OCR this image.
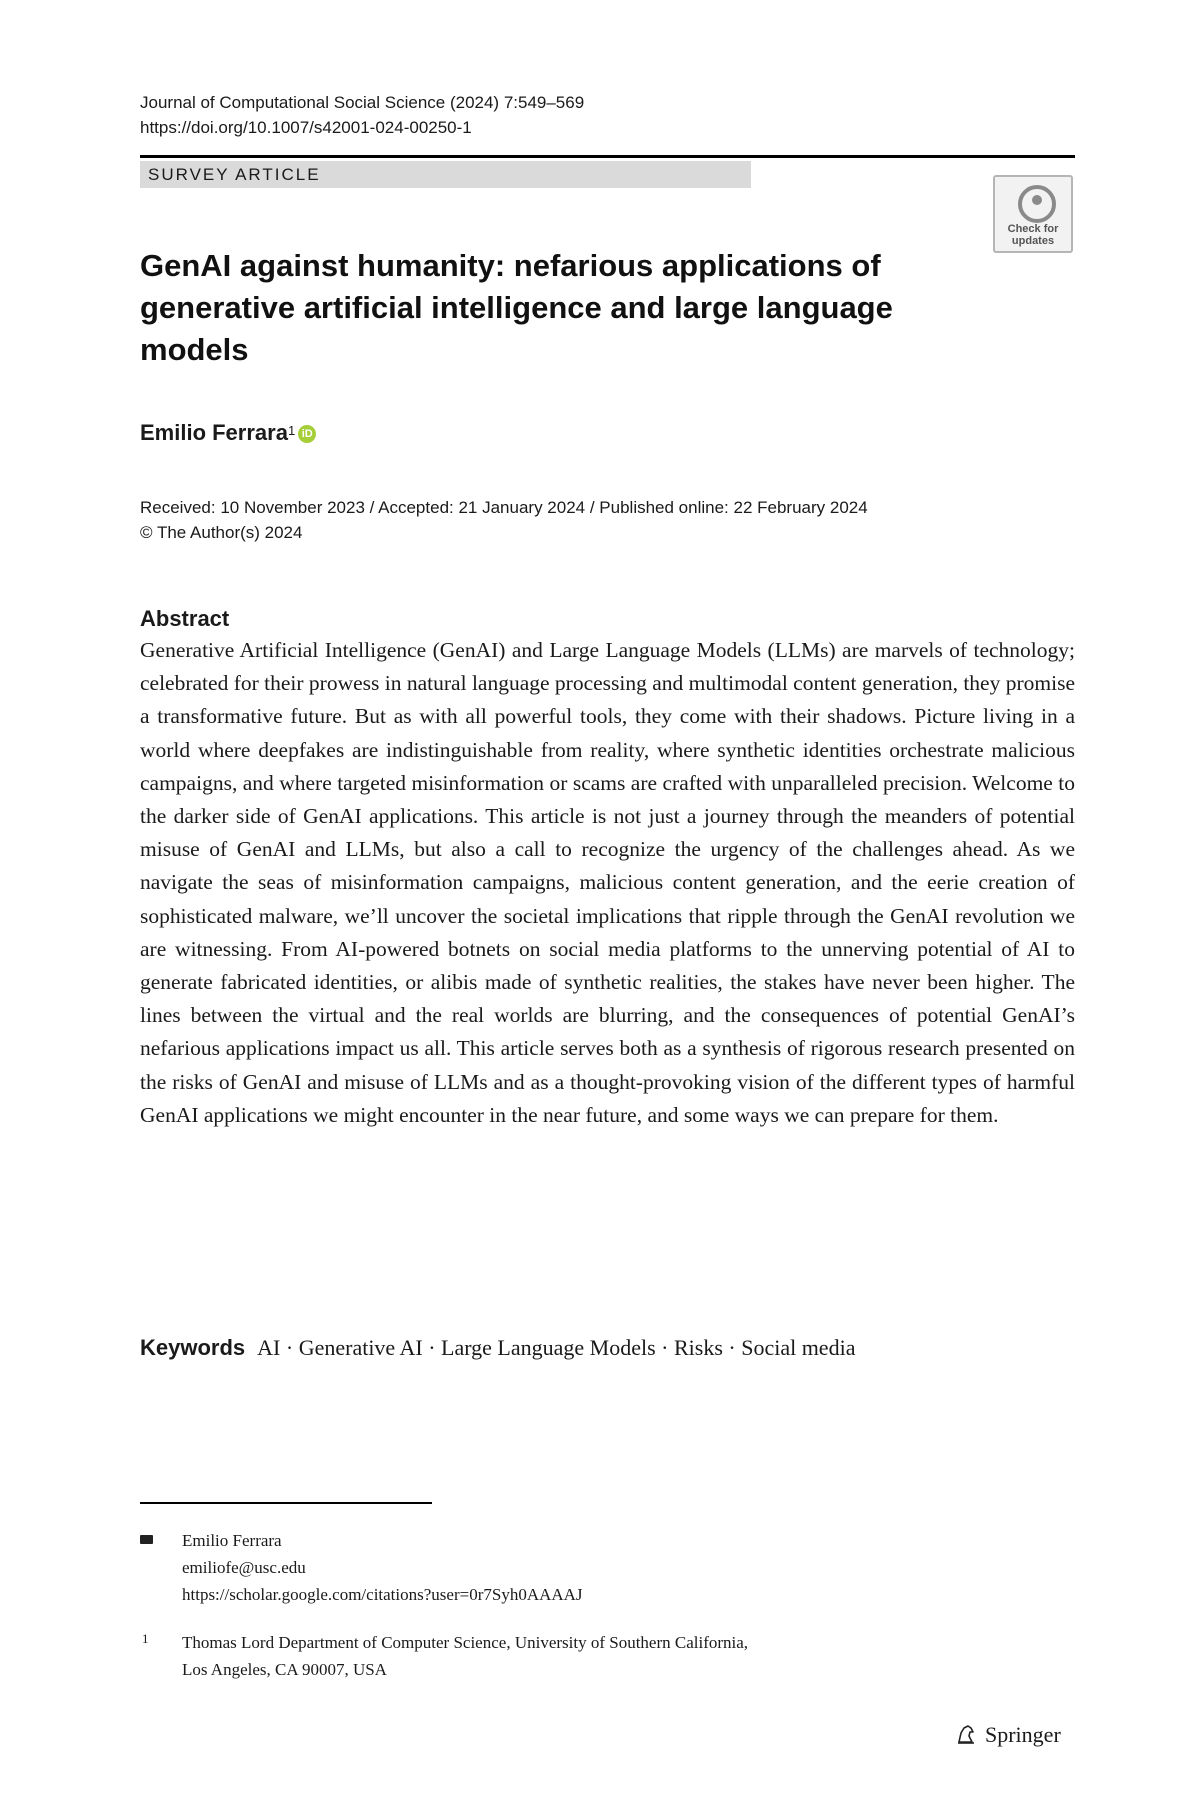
Journal of Computational Social Science (2024) 7:549–569
https://doi.org/10.1007/s42001-024-00250-1
SURVEY ARTICLE
Check for updates
GenAI against humanity: nefarious applications of generative artificial intelligence and large language models
Emilio Ferrara$^1$ iD
Received: 10 November 2023 / Accepted: 21 January 2024 / Published online: 22 February 2024
© The Author(s) 2024
Abstract
Generative Artificial Intelligence (GenAI) and Large Language Models (LLMs) are marvels of technology; celebrated for their prowess in natural language processing and multimodal content generation, they promise a transformative future. But as with all powerful tools, they come with their shadows. Picture living in a world where deepfakes are indistinguishable from reality, where synthetic identities orchestrate malicious campaigns, and where targeted misinformation or scams are crafted with unparalleled precision. Welcome to the darker side of GenAI applications. This article is not just a journey through the meanders of potential misuse of GenAI and LLMs, but also a call to recognize the urgency of the challenges ahead. As we navigate the seas of misinformation campaigns, malicious content generation, and the eerie creation of sophisticated malware, we’ll uncover the societal implications that ripple through the GenAI revolution we are witnessing. From AI-powered botnets on social media platforms to the unnerving potential of AI to generate fabricated identities, or alibis made of synthetic realities, the stakes have never been higher. The lines between the virtual and the real worlds are blurring, and the consequences of potential GenAI’s nefarious applications impact us all. This article serves both as a synthesis of rigorous research presented on the risks of GenAI and misuse of LLMs and as a thought-provoking vision of the different types of harmful GenAI applications we might encounter in the near future, and some ways we can prepare for them.
Keywords AI · Generative AI · Large Language Models · Risks · Social media
Emilio Ferrara
emiliofe@usc.edu
https://scholar.google.com/citations?user=0r7Syh0AAAAJ
1 Thomas Lord Department of Computer Science, University of Southern California,
Los Angeles, CA 90007, USA
Springer
